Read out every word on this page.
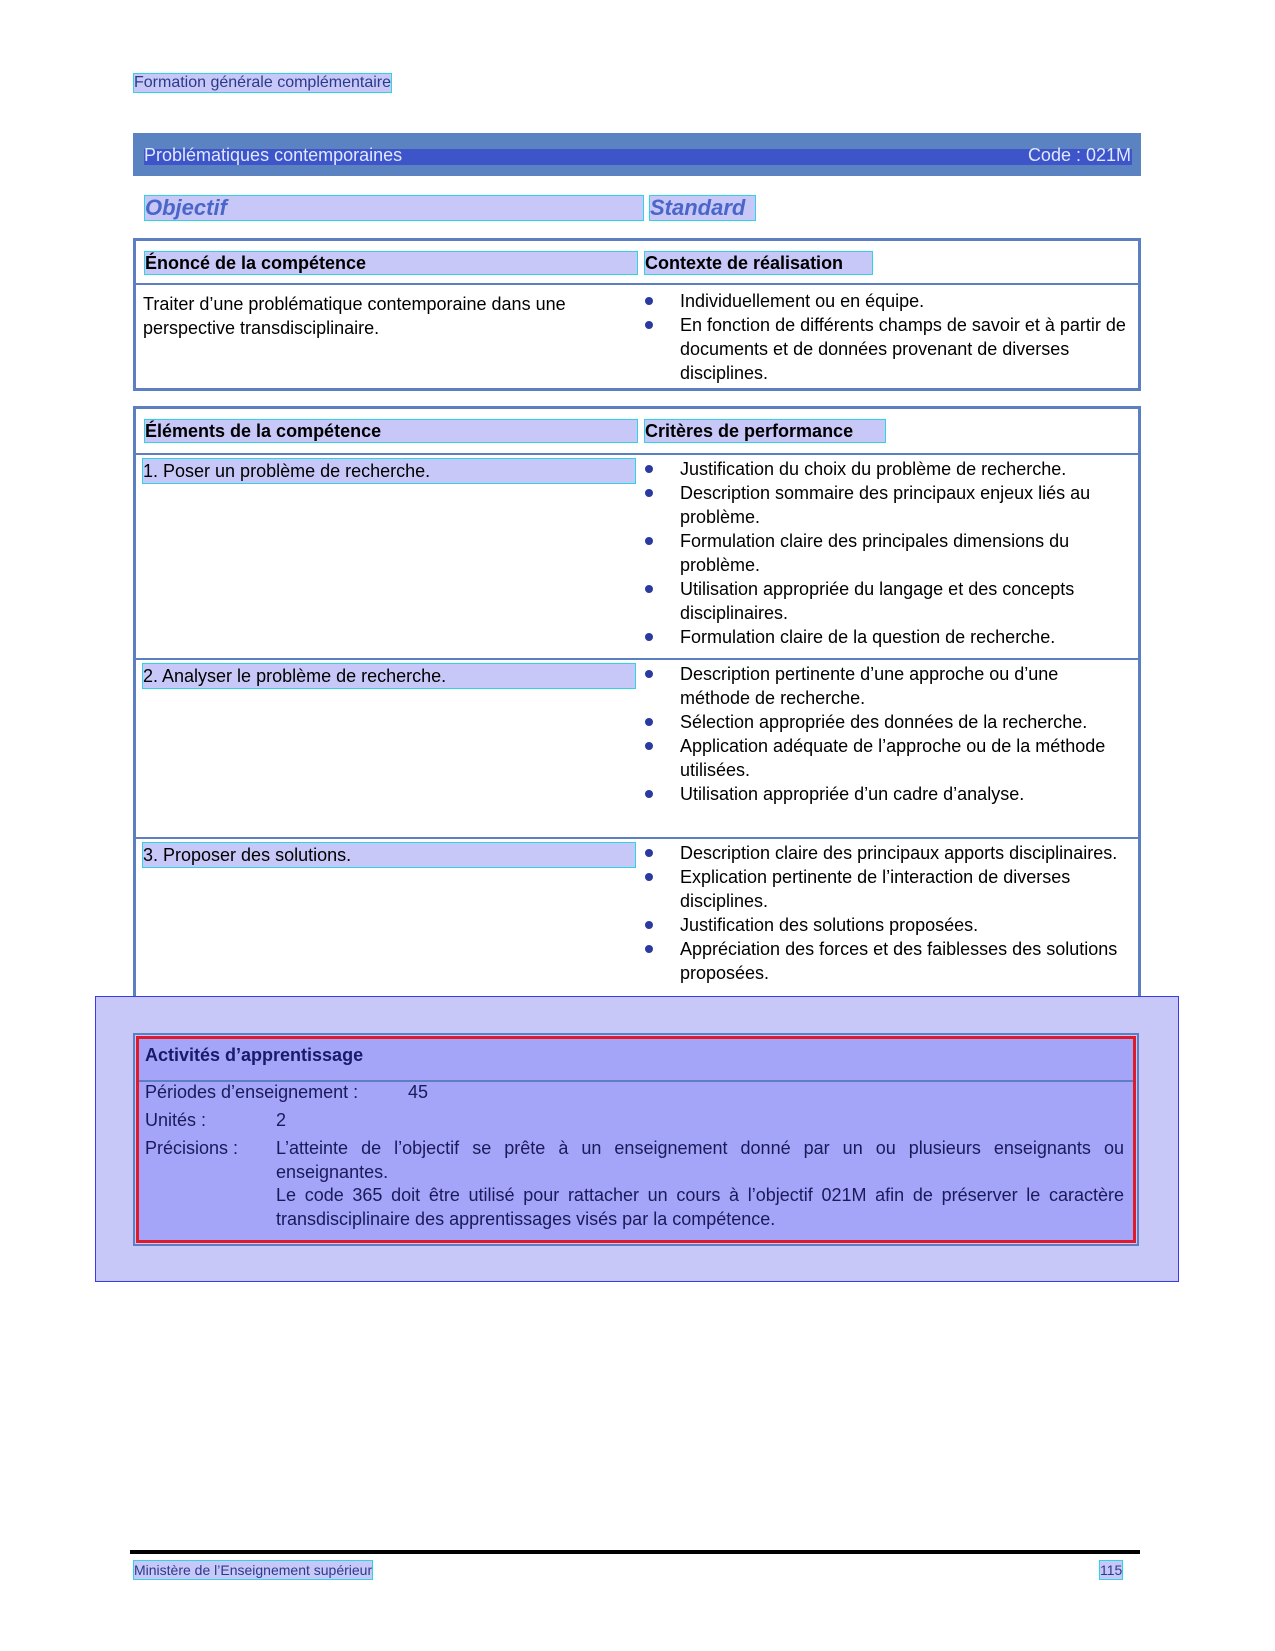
Formation générale complémentaire
Problématiques contemporaines	Code : 021M
Objectif	Standard
Énoncé de la compétence	Contexte de réalisation
Traiter d’une problématique contemporaine dans une perspective transdisciplinaire.
Individuellement ou en équipe.
En fonction de différents champs de savoir et à partir de documents et de données provenant de diverses disciplines.
Éléments de la compétence	Critères de performance
1. Poser un problème de recherche.	Justification du choix du problème de recherche.
Description sommaire des principaux enjeux liés au problème.
Formulation claire des principales dimensions du problème.
Utilisation appropriée du langage et des concepts disciplinaires.
Formulation claire de la question de recherche.
2. Analyser le problème de recherche.	Description pertinente d’une approche ou d’une méthode de recherche.
Sélection appropriée des données de la recherche.
Application adéquate de l’approche ou de la méthode utilisées.
Utilisation appropriée d’un cadre d’analyse.
3. Proposer des solutions.	Description claire des principaux apports disciplinaires.
Explication pertinente de l’interaction de diverses disciplines.
Justification des solutions proposées.
Appréciation des forces et des faiblesses des solutions proposées.
Activités d’apprentissage
Périodes d’enseignement :	45
Unités :	2
Précisions : L’atteinte de l’objectif se prête à un enseignement donné par un ou plusieurs enseignants ou enseignantes.
Le code 365 doit être utilisé pour rattacher un cours à l’objectif 021M afin de préserver le caractère transdisciplinaire des apprentissages visés par la compétence.
Ministère de l’Enseignement supérieur	115
